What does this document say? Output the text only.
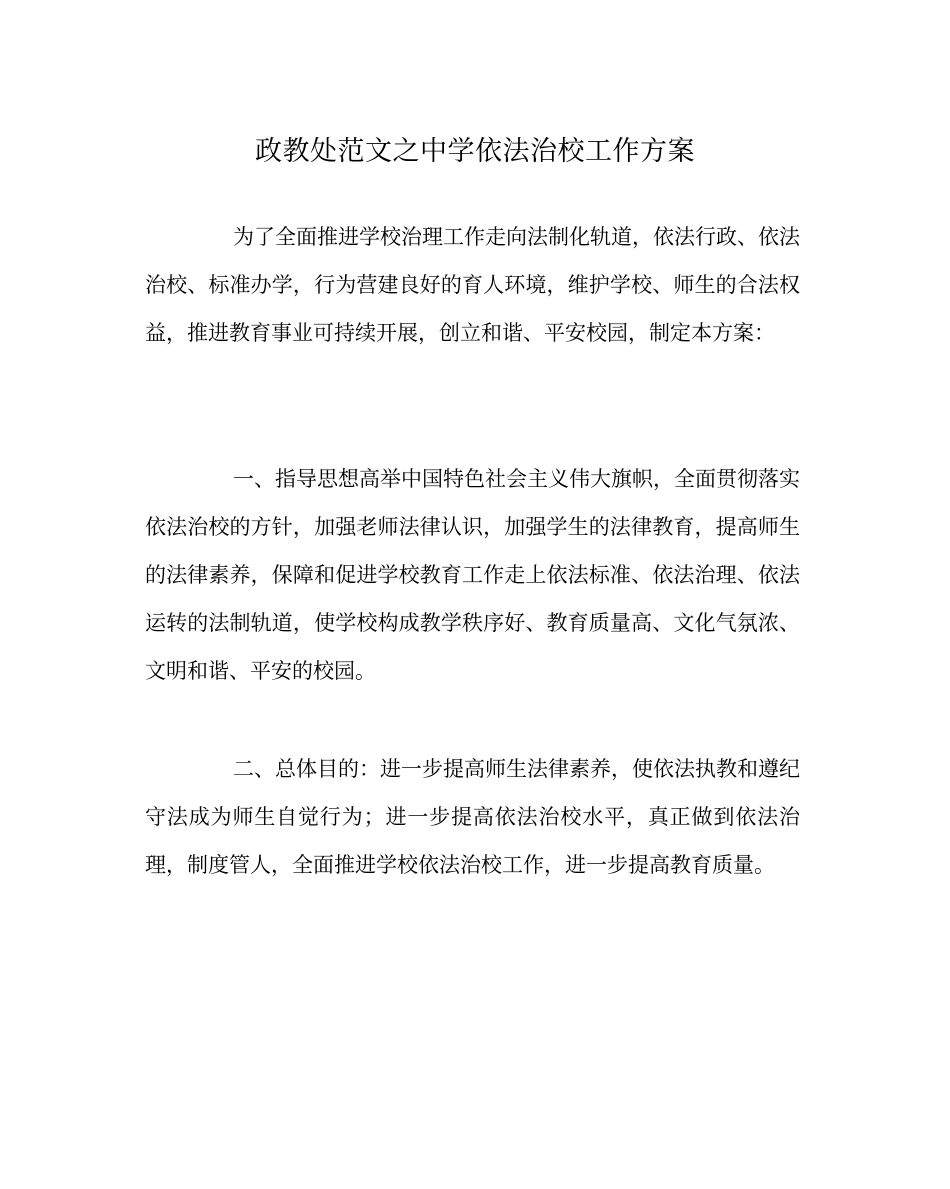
政教处范文之中学依法治校工作方案
为了全面推进学校治理工作走向法制化轨道，依法行政、依法治校、标准办学，行为营建良好的育人环境，维护学校、师生的合法权益，推进教育事业可持续开展，创立和谐、平安校园，制定本方案：
一、指导思想高举中国特色社会主义伟大旗帜，全面贯彻落实依法治校的方针，加强老师法律认识，加强学生的法律教育，提高师生的法律素养，保障和促进学校教育工作走上依法标准、依法治理、依法运转的法制轨道，使学校构成教学秩序好、教育质量高、文化气氛浓、文明和谐、平安的校园。
二、总体目的：进一步提高师生法律素养，使依法执教和遵纪守法成为师生自觉行为；进一步提高依法治校水平，真正做到依法治理，制度管人，全面推进学校依法治校工作，进一步提高教育质量。
